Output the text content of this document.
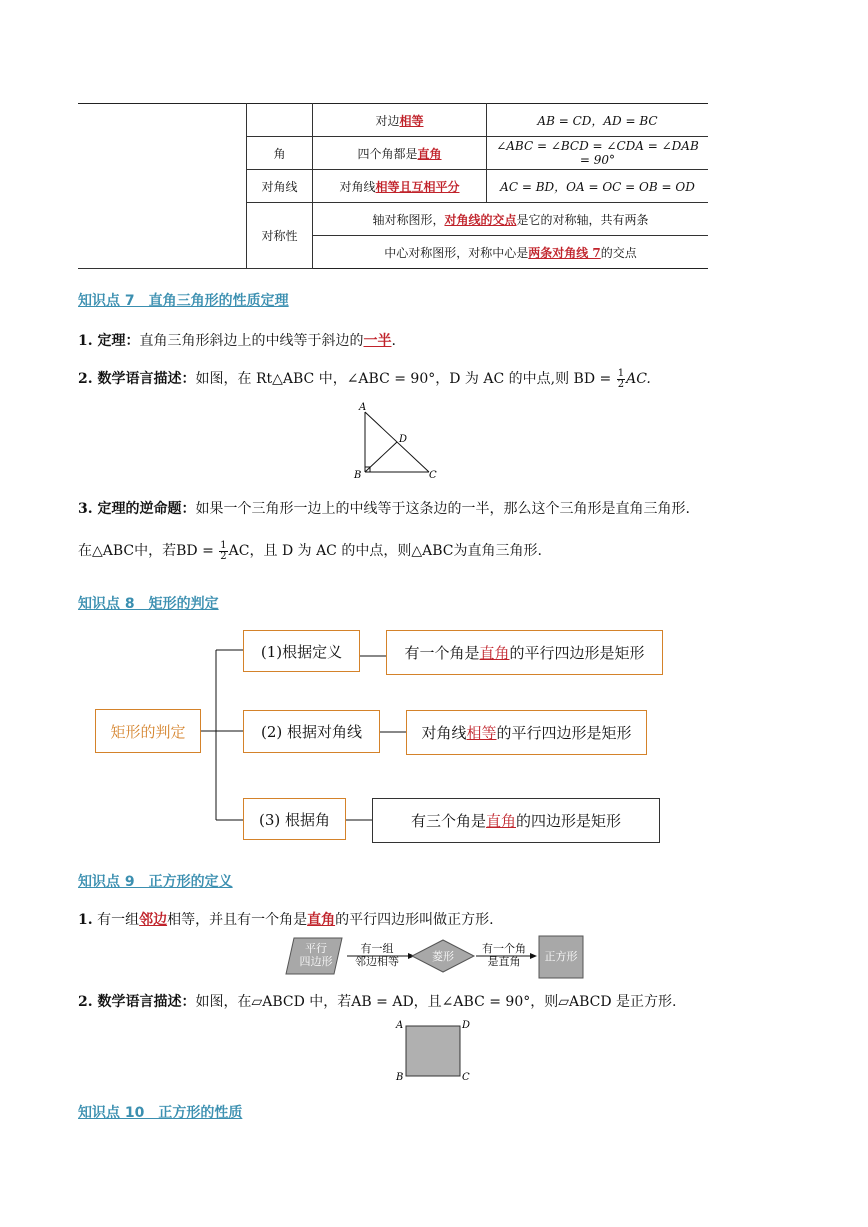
		对边相等	AB = CD，AD = BC
	角	四个角都是直角	∠ABC = ∠BCD = ∠CDA = ∠DAB = 90°
	对角线	对角线相等且互相平分	AC = BD，OA = OC = OB = OD
	对称性	轴对称图形，对角线的交点是它的对称轴，共有两条	
		中心对称图形，对称中心是两条对角线 7的交点	
知识点 7　直角三角形的性质定理
1. 定理：直角三角形斜边上的中线等于斜边的一半.
2. 数学语言描述：如图，在 Rt△ABC 中，∠ABC = 90°，D 为 AC 的中点,则 BD = $\frac{1}{2}$ AC.
A
B	C
D
3. 定理的逆命题：如果一个三角形一边上的中线等于这条边的一半，那么这个三角形是直角三角形.
在△ABC中，若BD = $\frac{1}{2}$ AC，且 D 为 AC 的中点，则△ABC为直角三角形.
知识点 8　矩形的判定
矩形的判定
(1)根据定义	有一个角是 直角 的平行四边形是矩形
(2) 根据对角线	对角线 相等 的平行四边形是矩形
(3) 根据角	有三个角是 直角 的四边形是矩形
知识点 9　正方形的定义
1. 有一组邻边相等，并且有一个角是直角的平行四边形叫做正方形.
平行
四边形
有一组
邻边相等	菱形
有一个角
是直角	正方形
2. 数学语言描述：如图，在▱ABCD 中，若AB = AD，且∠ABC = 90°，则▱ABCD 是正方形.
A	D
B	C
知识点 10　正方形的性质
